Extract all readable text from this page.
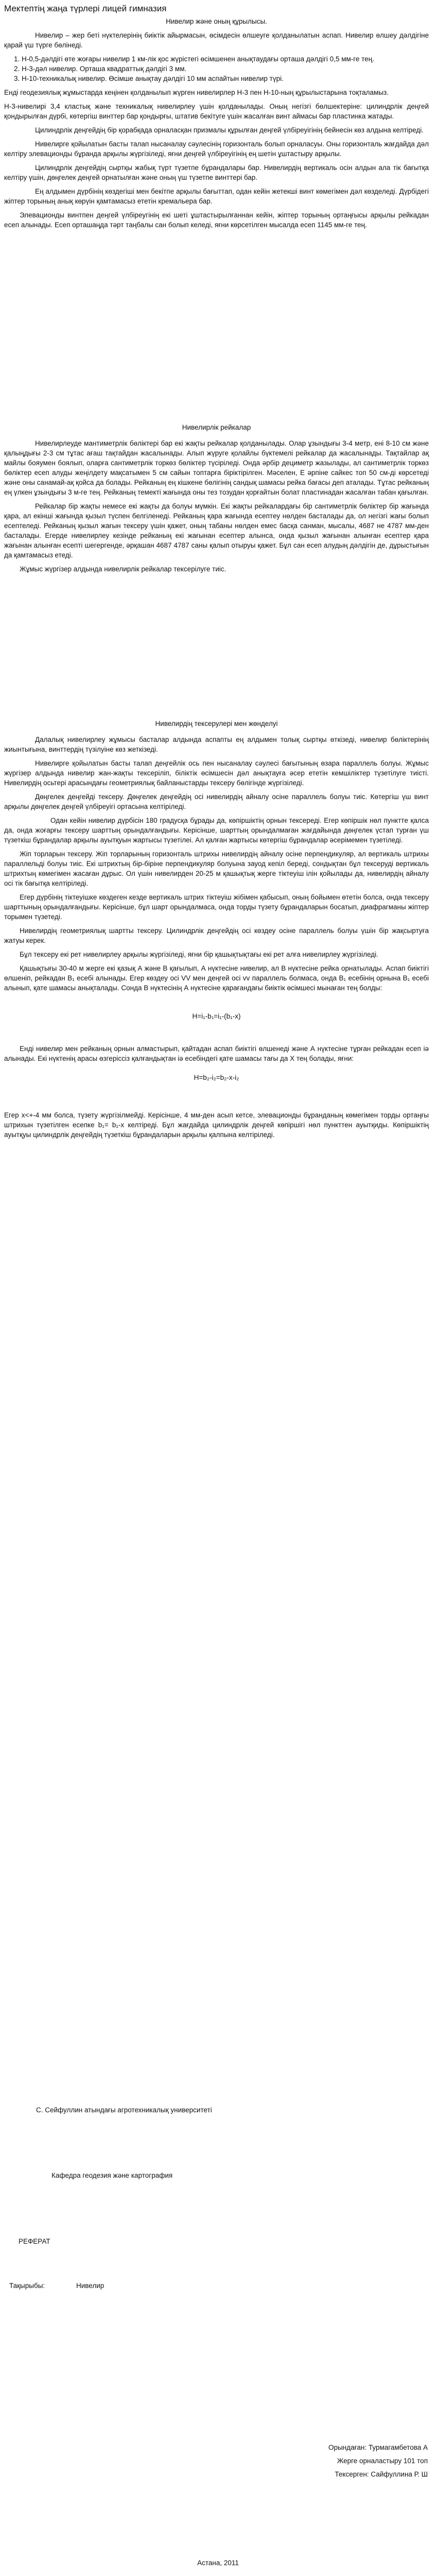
Мектептің жаңа түрлері лицей гимназия

Нивелир және оның құрылысы.

Нивелир – жер беті нүктелерінің биіктік айырмасын, өсімдесін өлшеуге қолданылатын аспап. Нивелир өлшеу дәлдігіне қарай үш түрге бөлінеді.

1. Н-0,5-дәлдігі өте жоғары нивелир 1 км-лік қос жүрістегі өсімшенен анықтаудағы орташа дәлдігі 0,5 мм-ге тең.
2. Н-3-дәл нивелир. Орташа квадраттық дәлдігі 3 мм.
3. Н-10-техникалық нивелир. Өсімше анықтау дәлдігі 10 мм аспайтын нивелир түрі.

Енді геодезиялық жұмыстарда кеңінен қолданылып жүрген нивелирлер Н-3 пен Н-10-ның құрылыстарына тоқталамыз.

Н-3-нивелирі 3,4 кластық және техникалық нивелирлеу үшін қолданылады. Оның негізгі бөлшектеріне: цилиндрлік деңгей қондырылған дүрбі, көтергіш винттер бар қондырғы, штатив бекітуге үшін жасалған винт аймасы бар пластинка жатады.

Цилиндрлік деңгейдің бір қорабқада орналасқан призмалы құрылған деңгей үлбіреуігінің бейнесін көз алдына келтіреді.

Нивелирге қойылатын басты талап нысаналау сәулесінің горизонталь болып орналасуы. Оны горизонталь жағдайда дәл келтіру элевационды бұранда арқылы жүргізіледі, яғни деңгей үлбіреуігінің ең шетін ұштастыру арқылы.

Цилиндрлік деңгейдің сыртқы жабық түрт түзетпе бұрандалары бар. Нивелирдің вертикаль осін алдын ала тік бағытқа келтіру үшін, дөңгелек деңгей орнатылған және оның үш түзетпе винттері бар.

Ең алдымен дүрбінің көздегіші мен бекітпе арқылы бағыттап, одан кейін жетекші винт көмегімен дәл көзделеді. Дүрбідегі жіптер торының анық көрүін қамтамасыз ететін кремальера бар.

Элевационды винтпен деңгей үлбіреугінің екі шеті ұштастырылғаннан кейін, жіптер торының ортаңғысы арқылы рейкадан есеп алынады. Есеп орташаңда тәрт таңбалы сан болып келеді, яғни көрсетілген мысалда есеп 1145 мм-ге тең.

Нивелирлік рейкалар

Нивелирлеуде мантиметрлік бөліктері бар екі жақты рейкалар қолданылады. Олар ұзындығы 3-4 метр, ені 8-10 см және қалыңдығы 2-3 см тұтас ағаш тақтайдан жасалынады. Алып жүруге қолайлы бүктемелі рейкалар да жасалынады. Тақтайлар ақ майлы бояумен боялып, оларға сантиметрлік торкөз бөліктер түсіріледі. Онда әрбір дециметр жазылады, ал сантиметрлік торкөз бөліктер есеп алуды жеңілдету мақсатымен 5 см сайын топтарға біріктірілген. Мәселен, Е әрпіне сайкес топ 50 см-ді көрсетеді және оны санамай-ақ қойса да болады. Рейканың ең кішкене бөлігінің сандық шамасы рейка бағасы деп аталады. Тұтас рейканың ең үлкен ұзындығы 3 м-ге тең. Рейканың темекті жағында оны тез тозудан қорғайтын болат пластинадан жасалған табан қағылған.

Рейкалар бір жақты немесе екі жақты да болуы мүмкін. Екі жақты рейкалардағы бір сантиметрлік бөліктер бір жағында қара, ал екінші жағында қызыл түспен белгіленеді. Рейканың қара жағында есептеу нөлден басталады да, ол негізгі жағы болып есептеледі. Рейканың қызыл жағын тексеру үшін қажет, оның табаны нөлден емес басқа санман, мысалы, 4687 не 4787 мм-ден басталады. Егерде нивелирлеу кезінде рейканың екі жағынан есептер алынса, онда қызыл жағынан алынған есептер қара жағынан алынған есепті шегергенде, әрқашан 4687 4787 саны қалып отыруы қажет. Бұл сан есеп алудың дәлдігін де, дұрыстығын да қамтамасыз етеді.

Жұмыс жүргізер алдында нивелирлік рейкалар тексерілуге тиіс.

Нивелирдің тексерулері мен жөнделуі

Далалық нивелирлеу жұмысы басталар алдында аспапты ең алдымен толық сыртқы өткізеді, нивелир бөліктерінің жиынтығына, винттердің түзілуіне көз жеткізеді.

Нивелирге қойылатын басты талап деңгейлік ось пен нысаналау сәулесі бағытының өзара параллель болуы. Жұмыс жүргізер алдында нивелир жан-жақты тексеріліп, біліктік өсімшесін дәл анықтауға әсер ететін кемшіліктер түзетілуге тиісті. Нивелирдің осьтері арасындағы геометриялық байланыстарды тексеру бөлігінде жүргізіледі.

Дөңгелек деңгейді тексеру. Дөңгелек деңгейдің осі нивелирдің айналу осіне параллель болуы тиіс. Көтергіш үш винт арқылы дөңгелек деңгей үлбіреуігі ортасына келтіріледі.

Одан кейін нивелир дүрбісін 180 градусқа бұрады да, көпіршіктің орнын тексереді. Егер көпіршік нөл пунктте қалса да, онда жоғарғы тексеру шарттың орындалғандығы. Керісінше, шарттың орындалмаған жағдайында дөңгелек үстап турған үш түзеткіш бұрандалар арқылы ауытқуын жартысы түзетілеі. Ал қалған жартысы көтергіш бұрандалар әсерімемен түзетіледі.

Жіп торларын тексеру. Жіп торларының горизонталь штрихы нивелирдің айналу осіне перпендикуляр, ал вертикаль штрихы параллельді болуы тиіс. Екі штрихтың бір-біріне перпендикуляр болуына зауод кепіл береді, сондықтан бұл тексеруді вертикаль штрихтың көмегімен жасаған дұрыс. Ол үшін нивелирден 20-25 м қашықтық жерге тіктеуіш ілін қойылады да, нивелирдің айналу осі тік бағытқа келтіріледі.

Егер дүрбінің тіктеуішке көздеген кезде вертикаль штрих тіктеуіш жібімен қабысып, оның бойымен өтетін болса, онда тексеру шарттының орындалғандығы. Керісінше, бұл шарт орындалмаса, онда торды түзету бұрандаларын босатып, диафрагманы жіптер торымен түзетеді.

Нивелирдің геометриялық шартты тексеру. Цилиндрлік деңгейдің осі көздеу осіне параллель болуы үшін бір жақсыртуға жатуы керек.

Бұл тексеру екі рет нивелирлеу арқылы жүргізіледі, яғни бір қашықтықтағы екі рет алға нивелирлеу жүргізіледі.

Қашықтығы 30-40 м жерге екі қазық А және В қағылып, А нүктесіне нивелир, ал В нүктесіне рейка орнатылады. Аспап биіктігі өлшеніп, рейкадан В₁ есебі алынады. Егер көздеу осі VV мен деңгей осі vv параллель болмаса, онда В₁ есебінің орнына В₁ есебі алынып, қате шамасы анықталады. Сонда В нүктесінің А нүктесіне қарағандағы биіктік өсімшесі мынаған тең болды:

H=i₁-b₁=i₁-(b₁-x)

Енді нивелир мен рейканың орнын алмастырып, қайтадан аспап биіктігі өлшенеді және А нүктесіне тұрған рейкадан есеп іә алынады. Екі нүктенің арасы өзгеріссіз қалғандықтан іә есебіндегі қате шамасы тағы да Х тең болады, яғни:

H=b₂-i₂=b₂-x-i₂

Егер х<+-4 мм болса, түзету жүргізілмейді. Керісінше, 4 мм-ден асып кетсе, элевационды бұранданың көмегімен торды ортаңғы штрихын түзетілген есепке b₁= b₁-x келтіреді. Бұл жағдайда цилиндрлік деңгей көпіршігі нөл пункттен ауытқиды. Көпіршіктің ауытқуы цилиндрлік деңгейдің түзеткіш бұрандаларын арқылы қалпына келтіріледі.

С. Сейфуллин атындағы агротехникалық университеті
Кафедра геодезия және картография
РЕФЕРАТ
Тақырыбы:	Нивелир
Орындаған: Турмагамбетова А
Жерге орналастыру 101 топ
Тексерген: Сайфуллина Р. Ш
Астана, 2011
